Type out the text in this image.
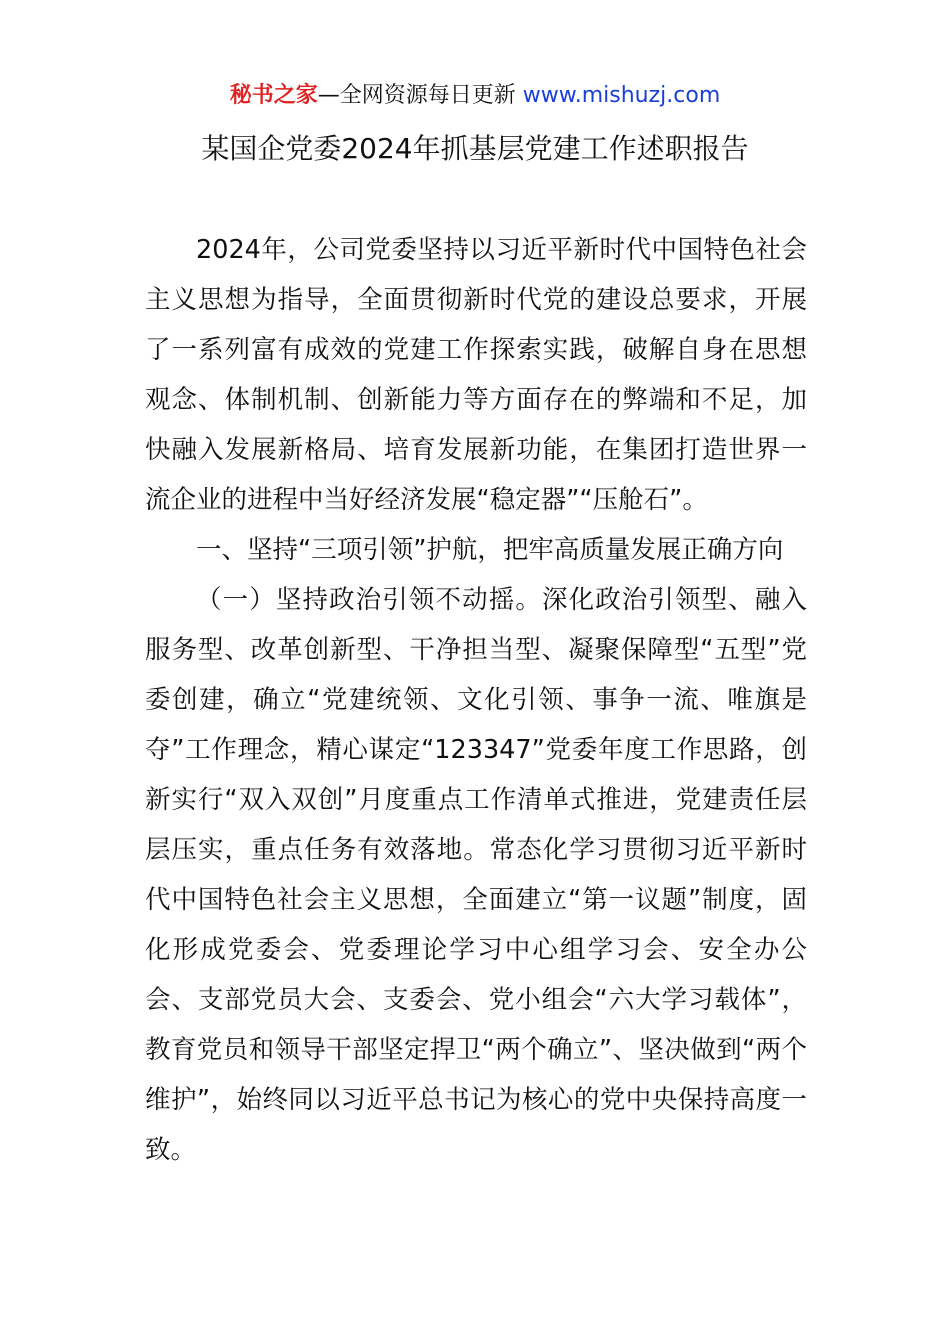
秘书之家—全网资源每日更新 www.mishuzj.com
某国企党委2024年抓基层党建工作述职报告

2024年，公司党委坚持以习近平新时代中国特色社会主义思想为指导，全面贯彻新时代党的建设总要求，开展了一系列富有成效的党建工作探索实践，破解自身在思想观念、体制机制、创新能力等方面存在的弊端和不足，加快融入发展新格局、培育发展新功能，在集团打造世界一流企业的进程中当好经济发展“稳定器”“压舱石”。

一、坚持“三项引领”护航，把牢高质量发展正确方向

（一）坚持政治引领不动摇。深化政治引领型、融入服务型、改革创新型、干净担当型、凝聚保障型“五型”党委创建，确立“党建统领、文化引领、事争一流、唯旗是夺”工作理念，精心谋定“123347”党委年度工作思路，创新实行“双入双创”月度重点工作清单式推进，党建责任层层压实，重点任务有效落地。常态化学习贯彻习近平新时代中国特色社会主义思想，全面建立“第一议题”制度，固化形成党委会、党委理论学习中心组学习会、安全办公会、支部党员大会、支委会、党小组会“六大学习载体”，教育党员和领导干部坚定捍卫“两个确立”、坚决做到“两个维护”，始终同以习近平总书记为核心的党中央保持高度一致。
